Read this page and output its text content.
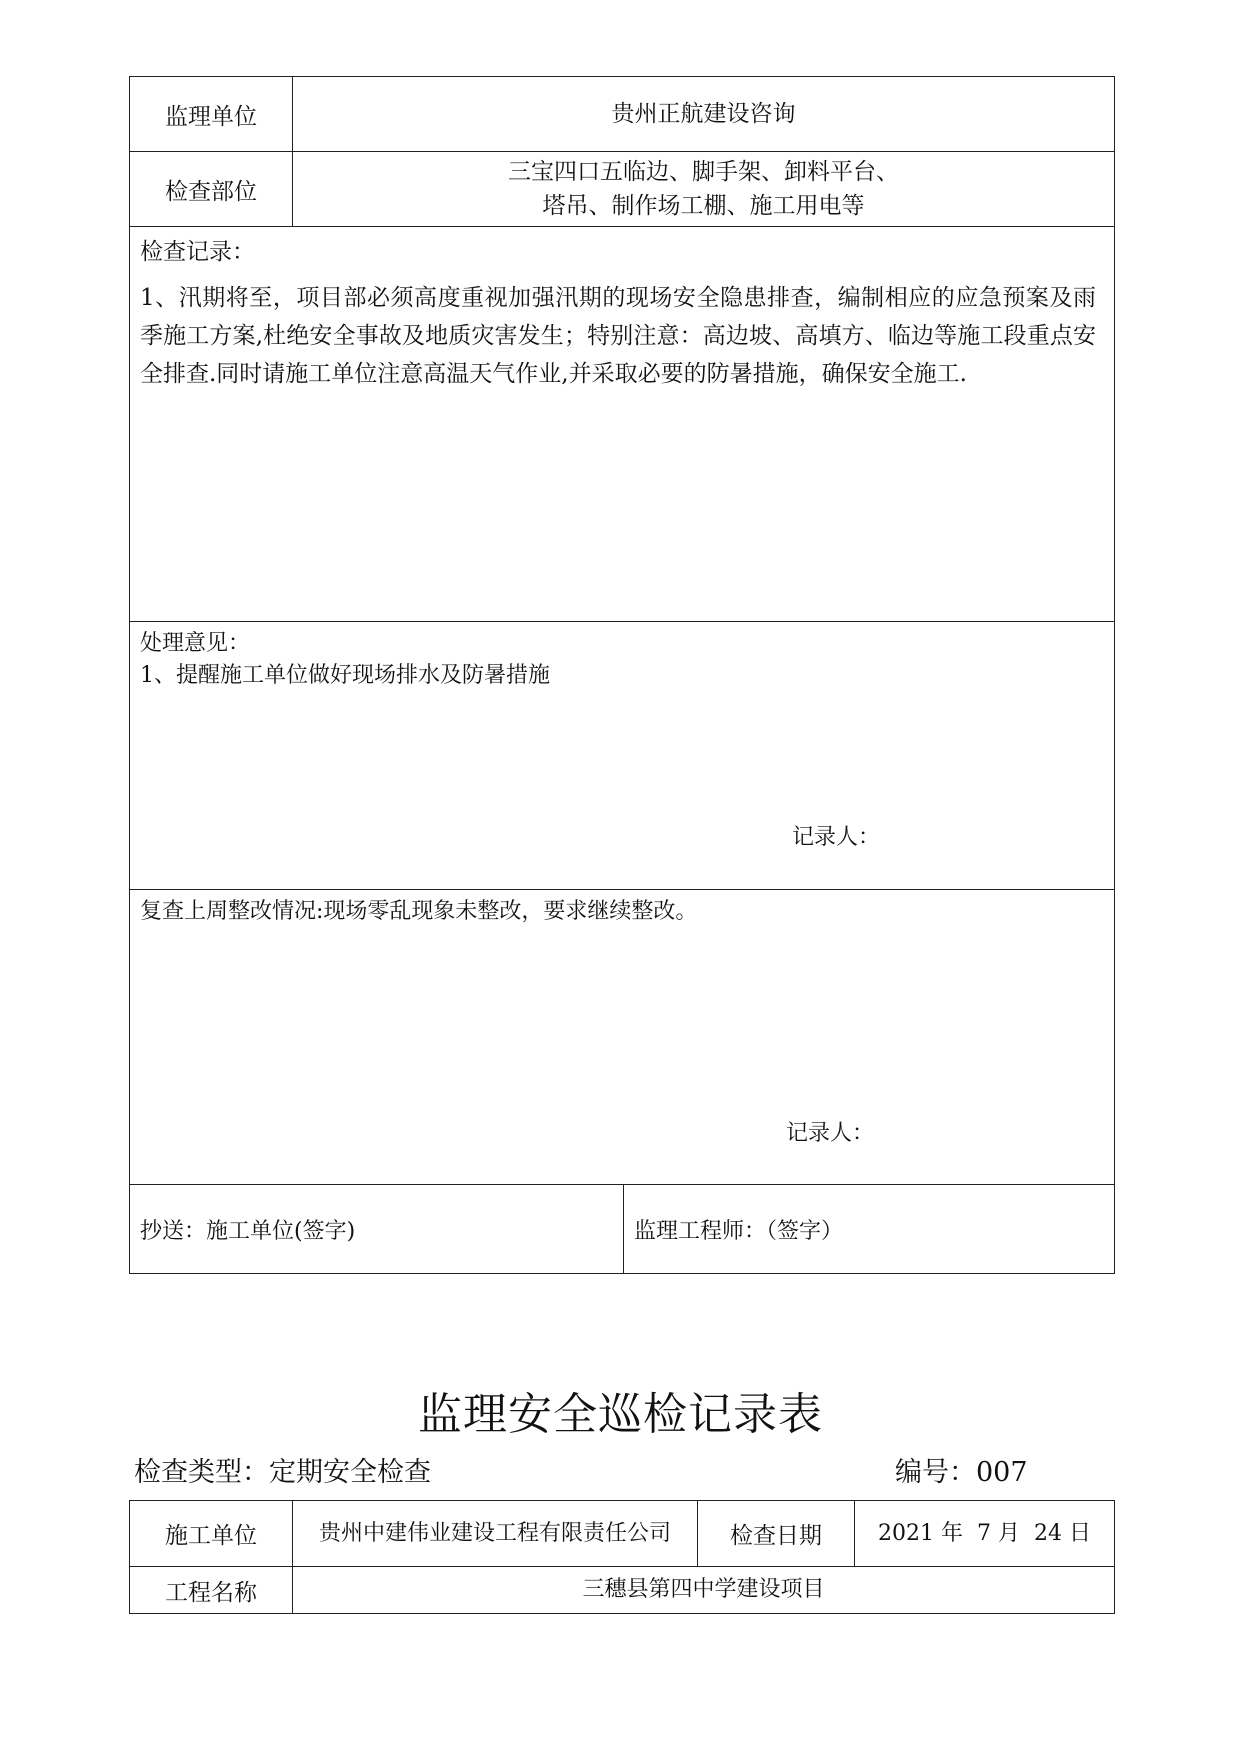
监理单位	贵州正航建设咨询	
检查部位	三宝四口五临边、脚手架、卸料平台、
塔吊、制作场工棚、施工用电等	

检查记录：
1、汛期将至，项目部必须高度重视加强汛期的现场安全隐患排查，编制相应的应急预案及雨季施工方案,杜绝安全事故及地质灾害发生；特别注意：高边坡、高填方、临边等施工段重点安全排查.同时请施工单位注意高温天气作业,并采取必要的防暑措施，确保安全施工.		

处理意见：
1、提醒施工单位做好现场排水及防暑措施
记录人：		

复查上周整改情况:现场零乱现象未整改，要求继续整改。
记录人：		

抄送：施工单位(签字)		监理工程师：（签字）
监理安全巡检记录表
检查类型：定期安全检查	编号：007
施工单位	贵州中建伟业建设工程有限责任公司	检查日期	2021 年  7 月  24 日
工程名称	三穗县第四中学建设项目		
